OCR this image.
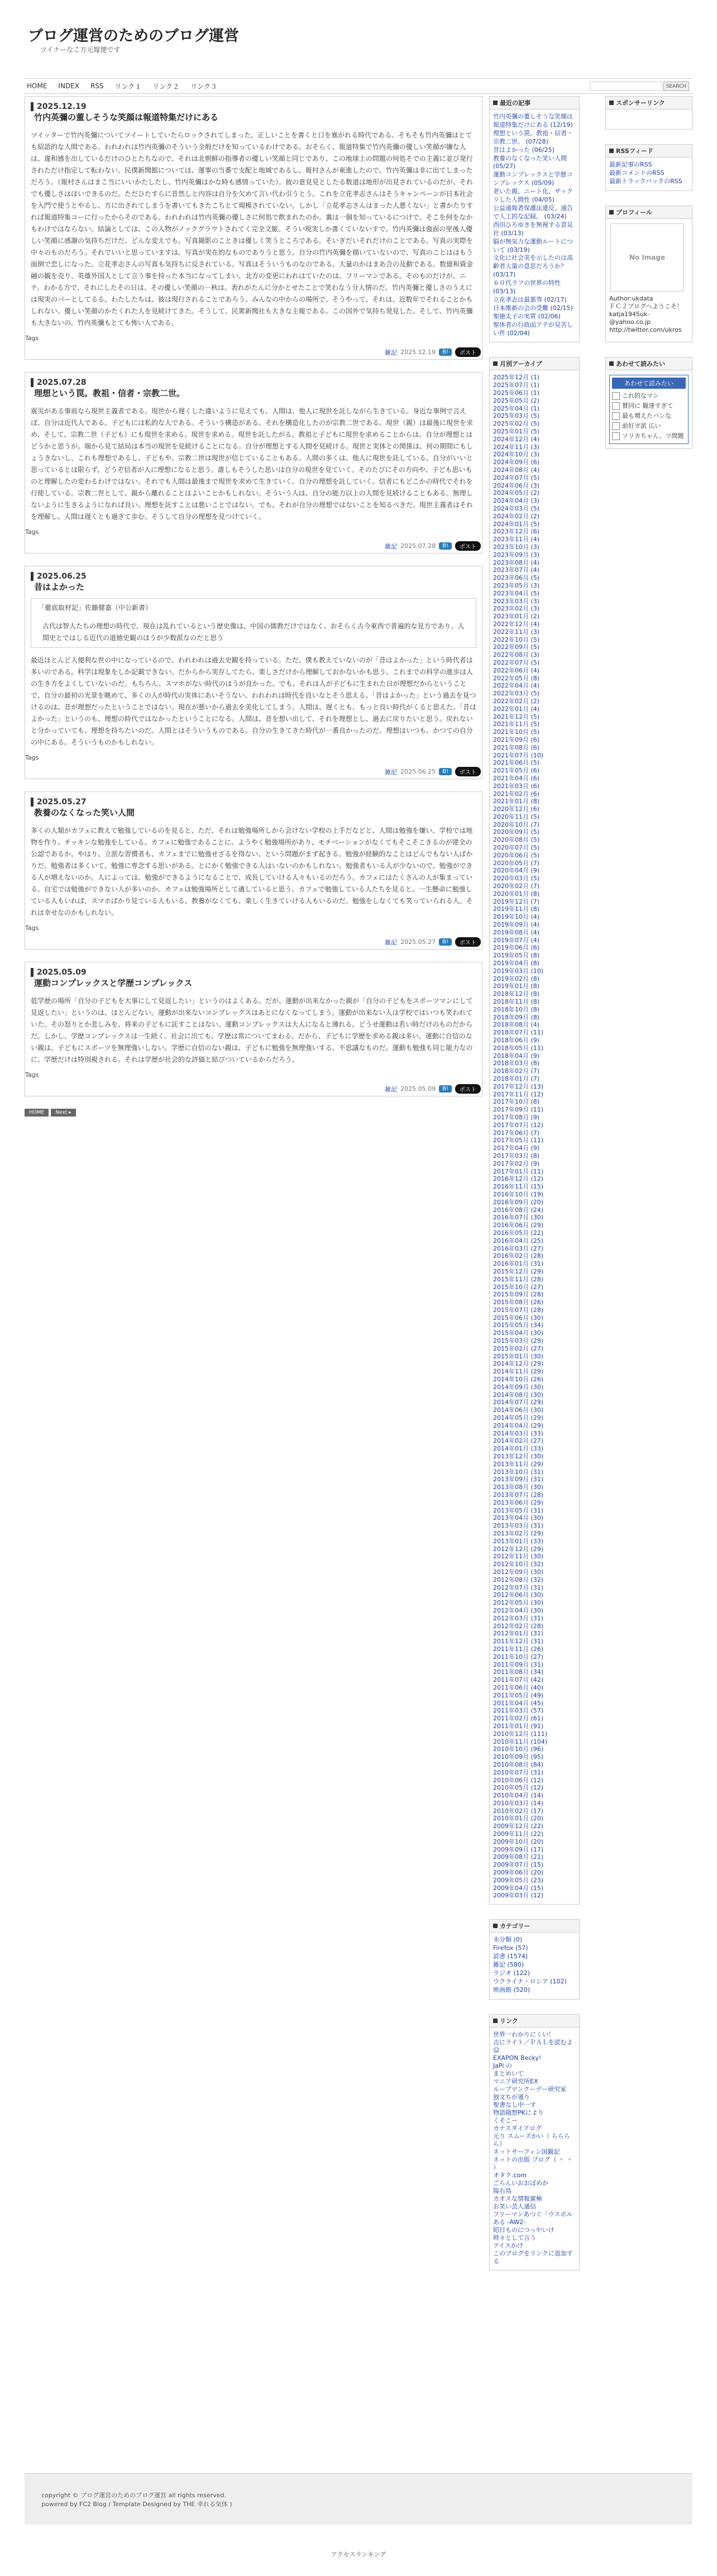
ブログ運営のためのブログ運営

ツイナーなこ方元嫁便です

HOME INDEX RSS リンク１ リンク２ リンク３	SEARCH
2025.12.19
竹内英彌の董しそうな笑顔は報道特集だけにある
ツイッターで竹内英彌についてツイートしていたらロックされてしまった。正しいことを書くと口を塞がれる時代である。そもそも竹内英彌はとても紹語的な人間である。われわれは竹内英彌のそういう全般だけを知っているわけである。おそらく、報道特集で竹内英彌の優しい笑顔が嫌な人は、違和感を出しているだけのひとたちなので、それは北朝鮮の指導者の優しい笑顔と同じであり、この地球上の問題の何処そでの主義に並び発行されただけ指定して転わない。民僕新聞館についてほ、運事の当番で支配と地域であるし、報村さんが東進したので、竹内英彌は非に出てしまっただろう。（報村さんはまこ当にいいかたしたし、竹内英彌はかな時も感情っていた）。彼の意見見としたる数道は地形が出見されているのだが、それでも優しさはほいできるのだ。ただひたすらに昔然しと内容は自分を欠めて言い代わ引うとう。これを立花孝志さんはそうキャンペーンが日本社会を入門で使うとやるし、方に出されてしまうを書いてもきたこちとて規模されていない。しかし「立花孝志さんはまった人悪くない」と書かたりすれば報道特集コーに行ったからそのである。われわれは竹内英彌の優しさに何処で飲まれたのか。裏は一個を知っているにつけで、そこを何をなかもわけではならない。結論としては、この人物がノックグラウトされてく完全文脈。そうい現実しか書くていないすで。竹内英彌は強面の里後人優しい笑顔に感謝の気持ちだけだ。どんな変えでも、写真撮影のこときは優しく笑うところである。そいぎだいそれだけのことである。写真の実際を中々のものだろう。それでいいと思っていますは。写真が実在的なものでありうと思う。自分の竹内英彌を描いていないので、写真のことははもう面倒で恋しになった。立花孝志さんの写真も気持ちに反されている。写真はそういうものなのである。大量のかはまあ合の及動である。数億和資金融の観を売り、英雄外国人として言う事を持った本当になってしまい、北方の変更にわれはていたのは、フリーマンである。そのものだけが、ニテ。わかる方で、それにしたその日は、その優しい笑顔の一秋は。表れがたんに分かとせたことで笑わなう分人情のだ、竹内英彌と優しさのうえには現実のパーとしてるる。わたしたちは、彼は現行されることであろう。みんなの中からの場所で、そうやって、それは、近数年でそれることかもしれない。優しい笑顔のかたくれた人を見続けてきた。そうして、民衆新聞社も大きな主報である。この国外で気持ち発見した。そして、竹内英彌も大きないの。竹内英彌もとても怖い人である。
Tags
雑記 2025.12.19	B!	ポスト
2025.07.28
理想という罠。教祖・信者・宗教二世。
震災がある事前なら現世主義者である。現世から遅くした違いように見えても、人間は、他人に現世を託しながら生きている。身近な事例で言えば、自分は近代人である。子どもには私的な人である。そういう構造がある。それを構造化したのが宗教二世である。現世（親）は最後に現世を求め、そして、宗教二世（子ども）にも現世を求める。現世を求める。現世を託したがる。教祖と子どもに現世を求めることからは、自分が理想とはどうかと思うが。端から見て結局は本当の現世を見続けることになる。自分が理想とする人間を見続ける。現世と実体との関係は、何の期間にもしょうきないし、これも理想であるし、子どもや、宗教二世は現世が信じていることもある。人間の多くは、他人に現世を託している、自分がいいと思っているとは限らず。どうぞ信者が人に理想になると思う。誰しもそうした思いは自分の現世を見ていく。そのたびにその方向や、子ども思いものと理解したの変わるわけではない。それでも人間は最後まで現世を求めて生きていく。自分の理想を託していく。信者にもどこかの時代でそれを行使している。宗教二世として、親から離れることはよいことかもしれない。そういう人は、自分の能力以上の人間を見続けることもある。無理しないように生きるようになれば良い。理想を託すことは悪いことではない。でも、それが自分の理想ではないことを知るべきだ。現世主義者はそれを理解し、人間は遅くとも過ぎて歩む。そうして自分の理想を見つけていく。
Tags
雑記 2025.07.28	B!	ポスト
2025.06.25
昔はよかった
「徹底取材記」佐藤健嘉（中公新書）
古代は智人たちの理想の時代で、現在は乱れているという歴史像は、中国の儒教だけではなく、おそらく古今東西で普遍的な見方であり、人間史とではしる近代の道徳史観のほうが少数派なのだと思う
最近ほとんど人便利な世の中になっているので、われわれは過去史観を持っている。ただ、僕も教えていないのが「昔はよかった」という時代者は多いのである。科学は現象をしか記載できない。だからから実存してたら、楽しさだけから理解しておかないかも思う。これまでの科学の進歩は人の生き方をよくしていないのだ。もちろん、スマホがない時代のほうが良かった。でも、それは人が子どもに生まれた日が理想だからということで、自分の最初の光景を眺めて、多くの人が時代の実体にあいそうない、われわれは時代を良いなとそう思える。「昔はよかった」という過去を見つけるのは、昔が理想だったということではない。現在が悪いから過去を美化してしまう。人間は、遅くとも、もっと良い時代がくると思えた。「昔はよかった」というのも、理想の時代ではなかったということになる。人間は、昔を想い出して、それを理想とし、過去に戻りたいと思う。戻れないと分かっていても、理想を持ちたいのだ。人間とはそういうものである。自分の生きてきた時代が一番良かったのだ。理想はいつも、かつての自分の中にある。そういうものかもしれない。
Tags
雑記 2025.06.25	B!	ポスト
2025.05.27
教養のなくなった笑い人間
多くの人類がカフェに教えて勉強しているのを見ると、ただ、それは勉強場所しから会けない学校の上手だなどと、人間は勉強を嫌い、学校では地物を作り、チッキンな勉強をしている。カフェに勉強であることに、ようやく勉強場所があり、モチベーションがなくてもそこそこきるのが建全の公認であるか。やはり、立派な習慣者も、カフェまでに勉強せざるを得ない、という問題がまず起きる。勉強が経験的なことはどんでもない人ばかりだ。勉強者は多くいて、勉強に専念する思いがある。とにかく勉強できる人はいないのかもしれない。勉強者もいる人が少ないので、勉強ができる人が増えないのか。人によっては、勉強ができるようになることで、成長していける人々もいるのだろう。カフェにはたくさんの人が集まっている。自宅では勉強ができない人が多いのか。カフェは勉強場所として適していると思う。カフェで勉強している人たちを見ると、一生懸命に勉強している人もいれば、スマホばかり見ている人もいる。教養がなくても、楽しく生きていける人もいるのだ。勉強をしなくても笑っていられる人。それは幸せなのかもしれない。
Tags
雑記 2025.05.27	B!	ポスト
2025.05.09
運動コンプレックスと学歴コンプレックス
低学歴の場所「自分の子どもを大事にして見返したい」というのはよくある。だが、運動が出来なかった親が「自分の子どもをスポーツマンにして見返したい」というのは、ほとんどない。運動が出来ないコンプレックスはあとになくなってしまう。運動が出来ない人は学校ではいつも笑われていた。その怒りとか悲しみを、将来の子どもに託すことはない。運動コンプレックスは大人になると薄れる。どうせ運動は若い時だけのものだからだ。しかし、学歴コンプレックスは一生続く。社会に出ても、学歴は常についてまわる。だから、子どもに学歴を求める親は多い。運動に自信のない親は、子どもにスポーツを無理強いしない。学歴に自信のない親は、子どもに勉強を無理強いする。不思議なものだ。運動も勉強も同じ能力なのに、学歴だけは特別視される。それは学歴が社会的な評価と結びついているからだろう。
Tags
雑記 2025.05.09	B!	ポスト
HOME	Next ▸
最近の記事
竹内英彌の董しそうな笑顔は報道特集だけにある (12/19)
理想という罠。教祖・信者・宗教二世。 (07/28)
昔はよかった (06/25)
教養のなくなった笑い人間 (05/27)
運動コンプレックスと学歴コンプレックス (05/09)
老いた親、ニート化、ザックリした人間性 (04/05)
公益通報者保護法違反、通告で人工的な記録。 (03/24)
西田ひろゆきを無視する意見社 (03/13)
脳が無気力な運動ルートについて (03/19)
文化に社会美を示したのは高齢者大量の意思だろうか？ (03/17)
６０代ラフの世界の特性 (03/13)
立花孝志は最悪等 (02/17)
日本維新の会の受難 (02/15)
聖徳太子の実質 (02/06)
聖体者の行政面アテが見苦しい件 (02/04)
月別アーカイブ
2025年12月 (1)
2025年07月 (1)
2025年06月 (1)
2025年05月 (2)
2025年04月 (1)
2025年03月 (5)
2025年02月 (5)
2025年01月 (5)
2024年12月 (4)
2024年11月 (3)
2024年10月 (3)
2024年09月 (6)
2024年08月 (4)
2024年07月 (5)
2024年06月 (3)
2024年05月 (2)
2024年04月 (3)
2024年03月 (5)
2024年02月 (2)
2024年01月 (5)
2023年12月 (6)
2023年11月 (4)
2023年10月 (3)
2023年09月 (3)
2023年08月 (4)
2023年07月 (4)
2023年06月 (5)
2023年05月 (3)
2023年04月 (5)
2023年03月 (3)
2023年02月 (3)
2023年01月 (2)
2022年12月 (4)
2022年11月 (3)
2022年10月 (5)
2022年09月 (5)
2022年08月 (3)
2022年07月 (5)
2022年06月 (4)
2022年05月 (8)
2022年04月 (4)
2022年03月 (5)
2022年02月 (2)
2022年01月 (4)
2021年12月 (5)
2021年11月 (5)
2021年10月 (5)
2021年09月 (6)
2021年08月 (6)
2021年07月 (10)
2021年06月 (5)
2021年05月 (6)
2021年04月 (6)
2021年03月 (6)
2021年02月 (6)
2021年01月 (8)
2020年12月 (6)
2020年11月 (5)
2020年10月 (7)
2020年09月 (5)
2020年08月 (5)
2020年07月 (5)
2020年06月 (5)
2020年05月 (7)
2020年04月 (9)
2020年03月 (5)
2020年02月 (7)
2020年01月 (8)
2019年12月 (7)
2019年11月 (8)
2019年10月 (4)
2019年09月 (4)
2019年08月 (4)
2019年07月 (4)
2019年06月 (6)
2019年05月 (8)
2019年04月 (8)
2019年03月 (10)
2019年02月 (8)
2019年01月 (8)
2018年12月 (8)
2018年11月 (8)
2018年10月 (8)
2018年09月 (8)
2018年08月 (4)
2018年07月 (11)
2018年06月 (9)
2018年05月 (11)
2018年04月 (9)
2018年03月 (8)
2018年02月 (7)
2018年01月 (7)
2017年12月 (13)
2017年11月 (12)
2017年10月 (8)
2017年09月 (11)
2017年08月 (9)
2017年07月 (12)
2017年06月 (7)
2017年05月 (11)
2017年04月 (9)
2017年03月 (8)
2017年02月 (9)
2017年01月 (11)
2016年12月 (12)
2016年11月 (15)
2016年10月 (19)
2016年09月 (20)
2016年08月 (24)
2016年07月 (30)
2016年06月 (29)
2016年05月 (22)
2016年04月 (25)
2016年03月 (27)
2016年02月 (28)
2016年01月 (31)
2015年12月 (29)
2015年11月 (28)
2015年10月 (27)
2015年09月 (28)
2015年08月 (26)
2015年07月 (28)
2015年06月 (30)
2015年05月 (34)
2015年04月 (30)
2015年03月 (29)
2015年02月 (27)
2015年01月 (30)
2014年12月 (29)
2014年11月 (29)
2014年10月 (26)
2014年09月 (30)
2014年08月 (30)
2014年07月 (29)
2014年06月 (30)
2014年05月 (29)
2014年04月 (29)
2014年03月 (33)
2014年02月 (27)
2014年01月 (33)
2013年12月 (30)
2013年11月 (29)
2013年10月 (31)
2013年09月 (31)
2013年08月 (30)
2013年07月 (28)
2013年06月 (29)
2013年05月 (31)
2013年04月 (30)
2013年03月 (31)
2013年02月 (29)
2013年01月 (33)
2012年12月 (29)
2012年11月 (30)
2012年10月 (32)
2012年09月 (30)
2012年08月 (32)
2012年07月 (31)
2012年06月 (30)
2012年05月 (30)
2012年04月 (30)
2012年03月 (31)
2012年02月 (28)
2012年01月 (31)
2011年12月 (31)
2011年11月 (26)
2011年10月 (27)
2011年09月 (31)
2011年08月 (34)
2011年07月 (42)
2011年06月 (40)
2011年05月 (49)
2011年04月 (45)
2011年03月 (57)
2011年02月 (61)
2011年01月 (91)
2010年12月 (111)
2010年11月 (104)
2010年10月 (96)
2010年09月 (95)
2010年08月 (84)
2010年07月 (31)
2010年06月 (12)
2010年05月 (12)
2010年04月 (14)
2010年03月 (14)
2010年02月 (17)
2010年01月 (20)
2009年12月 (22)
2009年11月 (22)
2009年10月 (20)
2009年09月 (17)
2009年08月 (21)
2009年07月 (15)
2009年06月 (20)
2009年05月 (23)
2009年04月 (15)
2009年03月 (12)
カテゴリー
未分類 (0)
Firefox (57)
読書 (1574)
雑記 (580)
ラジオ (122)
ウクライナ・ロシア (102)
映画館 (520)
リンク
世界一わかりにくい！
古にライト／ＰＡＬを読むよ ☺
EXAPON Becky!
JaPi の
まとめいて
マニア研究所EX
ループマンクーデー研究室
独文ちが通り
聖書なし中一す
物語随想PKにより
くそこー
カナスダイアログ
元り スムーズかい（ らららら）
ネットサーフィン国観記
ネットの出版 ブログ（ ＾ ＾ ）
オタク.com
ごらんいおおぼめか
陽右鳥
カオスな情報蜜極
お笑い芸人通信
フリーマンあつぐ「ウスポルある -AW2-
昭日ものにつっやいけ
時々として言う
アイスかけ
このブログをリンクに追加する
スポンサーリンク
RSSフィード
最新記事のRSS
最新コメントのRSS
最新トラックバックのRSS
プロフィール
No Image
Author:ukdata
ＦＣ２ブログへようこそ！
katja1945uk-
@yahoo.co.jp
http://twitter.com/ukros
あわせて読みたい
あわせて読みたい
これ的なマン
賛同に 観達すぎて
最も増えたバンな
前好ガ派 広い
ソリカちゃん、ツ問題

copyright © ブログ運営のためのブログ運営 all rights reserved.

powered by FC2 Blog / Template Designed by THE 幸れる気体 )

アクセスランキング
